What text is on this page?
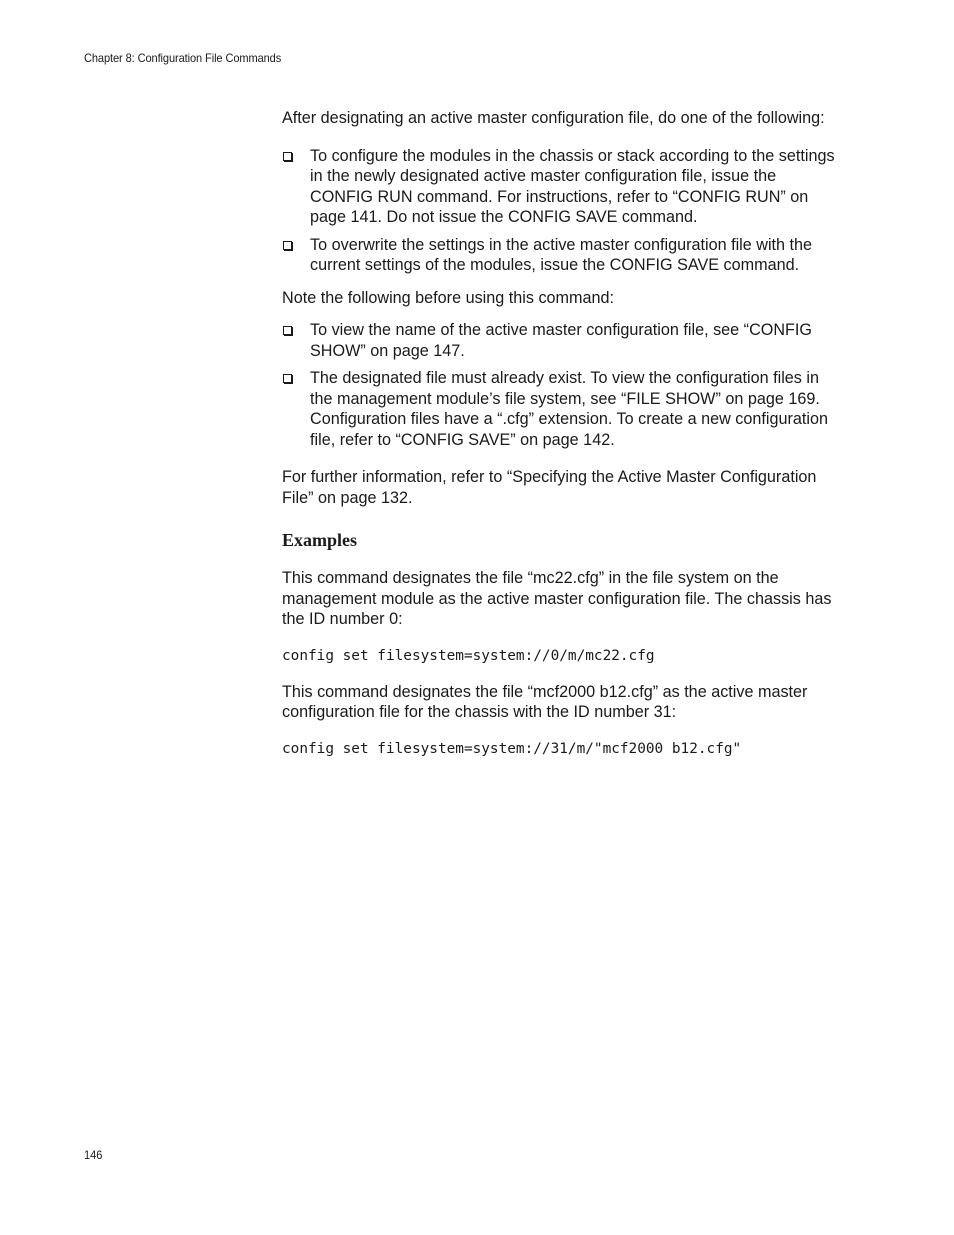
Chapter 8: Configuration File Commands

After designating an active master configuration file, do one of the following:

To configure the modules in the chassis or stack according to the settings in the newly designated active master configuration file, issue the CONFIG RUN command. For instructions, refer to “CONFIG RUN” on page 141. Do not issue the CONFIG SAVE command.
To overwrite the settings in the active master configuration file with the current settings of the modules, issue the CONFIG SAVE command.

Note the following before using this command:

To view the name of the active master configuration file, see “CONFIG SHOW” on page 147.
The designated file must already exist. To view the configuration files in the management module’s file system, see “FILE SHOW” on page 169. Configuration files have a “.cfg” extension. To create a new configuration file, refer to “CONFIG SAVE” on page 142.

For further information, refer to “Specifying the Active Master Configuration File” on page 132.

Examples

This command designates the file “mc22.cfg” in the file system on the management module as the active master configuration file. The chassis has the ID number 0:

config set filesystem=system://0/m/mc22.cfg

This command designates the file “mcf2000 b12.cfg” as the active master configuration file for the chassis with the ID number 31:

config set filesystem=system://31/m/"mcf2000 b12.cfg"

146
